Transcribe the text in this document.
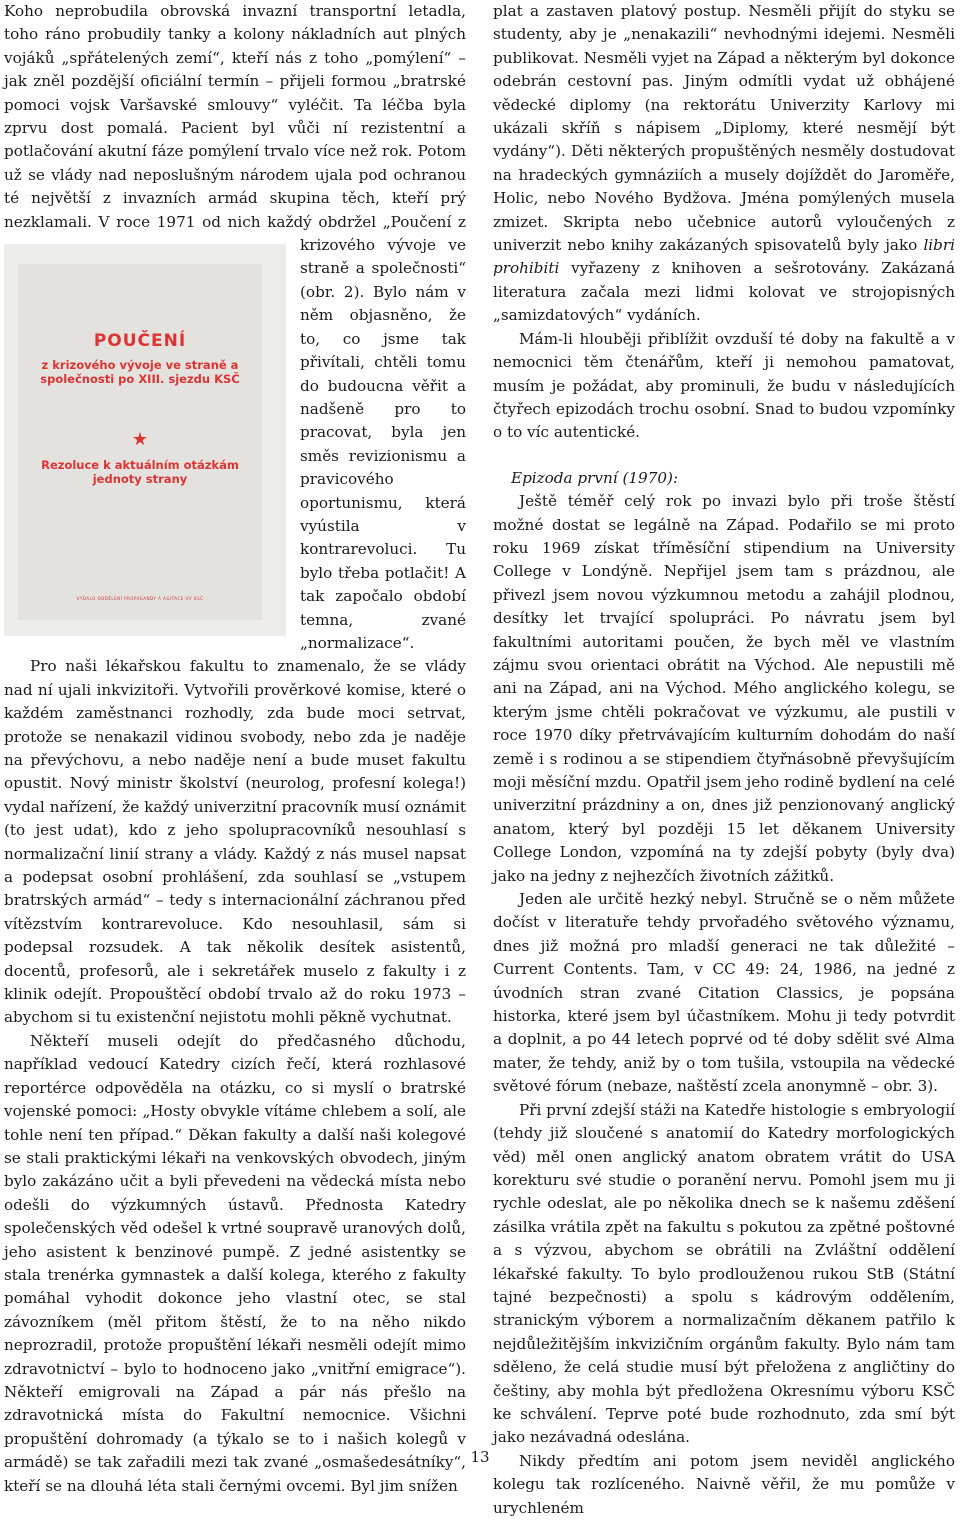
Koho neprobudila obrovská invazní transportní letadla, toho ráno probudily tanky a kolony nákladních aut plných vojáků „spřátelených zemí“, kteří nás z toho „pomýlení“ – jak zněl pozdější oficiální termín – přijeli formou „bratrské pomoci vojsk Varšavské smlouvy“ vyléčit. Ta léčba byla zprvu dost pomalá. Pacient byl vůči ní rezistentní a potlačování akutní fáze pomýlení trvalo více než rok. Potom už se vlády nad neposlušným národem ujala pod ochranou té největší z invazních armád skupina těch, kteří prý nezklamali. V roce 1971 od nich každý obdržel „Poučení z krizového vývoje
POUČENÍ
z krizového vývoje ve straně a společnosti po XIII. sjezdu KSČ
★
Rezoluce k aktuálním otázkám jednoty strany
VYDALO ODDĚLENÍ PROPAGANDY A AGITACE ÚV KSČ
ve straně a společnosti“ (obr. 2). Bylo nám v něm objasněno, že to, co jsme tak přivítali, chtěli tomu do budoucna věřit a nadšeně pro to pracovat, byla jen směs revizionismu a pravicového oportunismu, která vyústila v kontrarevoluci. Tu bylo třeba potlačit! A tak započalo období temna, zvané „normalizace“.

Pro naši lékařskou fakultu to znamenalo, že se vlády nad ní ujali inkvizitoři. Vytvořili prověrkové komise, které o každém zaměstnanci rozhodly, zda bude moci setrvat, protože se nenakazil vidinou svobody, nebo zda je naděje na převýchovu, a nebo naděje není a bude muset fakultu opustit. Nový ministr školství (neurolog, profesní kolega!) vydal nařízení, že každý univerzitní pracovník musí oznámit (to jest udat), kdo z jeho spolupracovníků nesouhlasí s normalizační linií strany a vlády. Každý z nás musel napsat a podepsat osobní prohlášení, zda souhlasí se „vstupem bratrských armád“ – tedy s internacionální záchranou před vítězstvím kontrarevoluce. Kdo nesouhlasil, sám si podepsal rozsudek. A tak několik desítek asistentů, docentů, profesorů, ale i sekretářek muselo z fakulty i z klinik odejít. Propouštěcí období trvalo až do roku 1973 – abychom si tu existenční nejistotu mohli pěkně vychutnat.

Někteří museli odejít do předčasného důchodu, například vedoucí Katedry cizích řečí, která rozhlasové reportérce odpověděla na otázku, co si myslí o bratrské vojenské pomoci: „Hosty obvykle vítáme chlebem a solí, ale tohle není ten případ.“ Děkan fakulty a další naši kolegové se stali praktickými lékaři na venkovských obvodech, jiným bylo zakázáno učit a byli převedeni na vědecká místa nebo odešli do výzkumných ústavů. Přednosta Katedry společenských věd odešel k vrtné soupravě uranových dolů, jeho asistent k benzinové pumpě. Z jedné asistentky se stala trenérka gymnastek a další kolega, kterého z fakulty pomáhal vyhodit dokonce jeho vlastní otec, se stal závozníkem (měl přitom štěstí, že to na něho nikdo neprozradil, protože propuštění lékaři nesměli odejít mimo zdravotnictví – bylo to hodnoceno jako „vnitřní emigrace“). Někteří emigrovali na Západ a pár nás přešlo na zdravotnická místa do Fakultní nemocnice. Všichni propuštění dohromady (a týkalo se to i našich kolegů v armádě) se tak zařadili mezi tak zvané „osmašedesátníky“, kteří se na dlouhá léta stali černými ovcemi. Byl jim snížen

plat a zastaven platový postup. Nesměli přijít do styku se studenty, aby je „nenakazili“ nevhodnými idejemi. Nesměli publikovat. Nesměli vyjet na Západ a některým byl dokonce odebrán cestovní pas. Jiným odmítli vydat už obhájené vědecké diplomy (na rektorátu Univerzity Karlovy mi ukázali skříň s nápisem „Diplomy, které nesmějí být vydány“). Děti některých propuštěných nesměly dostudovat na hradeckých gymnáziích a musely dojíždět do Jaroměře, Holic, nebo Nového Bydžova. Jména pomýlených musela zmizet. Skripta nebo učebnice autorů vyloučených z univerzit nebo knihy zakázaných spisovatelů byly jako libri prohibiti vyřazeny z knihoven a sešrotovány. Zakázaná literatura začala mezi lidmi kolovat ve strojopisných „samizdatových“ vydáních.

Mám-li hlouběji přiblížit ovzduší té doby na fakultě a v nemocnici těm čtenářům, kteří ji nemohou pamatovat, musím je požádat, aby prominuli, že budu v následujících čtyřech epizodách trochu osobní. Snad to budou vzpomínky o to víc autentické.

Epizoda první (1970):

Ještě téměř celý rok po invazi bylo při troše štěstí možné dostat se legálně na Západ. Podařilo se mi proto roku 1969 získat tříměsíční stipendium na University College v Londýně. Nepřijel jsem tam s prázdnou, ale přivezl jsem novou výzkumnou metodu a zahájil plodnou, desítky let trvající spolupráci. Po návratu jsem byl fakultními autoritami poučen, že bych měl ve vlastním zájmu svou orientaci obrátit na Východ. Ale nepustili mě ani na Západ, ani na Východ. Mého anglického kolegu, se kterým jsme chtěli pokračovat ve výzkumu, ale pustili v roce 1970 díky přetrvávajícím kulturním dohodám do naší země i s rodinou a se stipendiem čtyřnásobně převyšujícím moji měsíční mzdu. Opatřil jsem jeho rodině bydlení na celé univerzitní prázdniny a on, dnes již penzionovaný anglický anatom, který byl později 15 let děkanem University College London, vzpomíná na ty zdejší pobyty (byly dva) jako na jedny z nejhezčích životních zážitků.

Jeden ale určitě hezký nebyl. Stručně se o něm můžete dočíst v literatuře tehdy prvořadého světového významu, dnes již možná pro mladší generaci ne tak důležité – Current Contents. Tam, v CC 49: 24, 1986, na jedné z úvodních stran zvané Citation Classics, je popsána historka, které jsem byl účastníkem. Mohu ji tedy potvrdit a doplnit, a po 44 letech poprvé od té doby sdělit své Alma mater, že tehdy, aniž by o tom tušila, vstoupila na vědecké světové fórum (nebaze, naštěstí zcela anonymně – obr. 3).

Při první zdejší stáži na Katedře histologie s embryologií (tehdy již sloučené s anatomií do Katedry morfologických věd) měl onen anglický anatom obratem vrátit do USA korekturu své studie o poranění nervu. Pomohl jsem mu ji rychle odeslat, ale po několika dnech se k našemu zděšení zásilka vrátila zpět na fakultu s pokutou za zpětné poštovné a s výzvou, abychom se obrátili na Zvláštní oddělení lékařské fakulty. To bylo prodlouženou rukou StB (Státní tajné bezpečnosti) a spolu s kádrovým oddělením, stranickým výborem a normalizačním děkanem patřilo k nejdůležitějším inkvizičním orgánům fakulty. Bylo nám tam sděleno, že celá studie musí být přeložena z angličtiny do češtiny, aby mohla být předložena Okresnímu výboru KSČ ke schválení. Teprve poté bude rozhodnuto, zda smí být jako nezávadná odeslána.

Nikdy předtím ani potom jsem neviděl anglického kolegu tak rozlíceného. Naivně věřil, že mu pomůže v urychleném

13
